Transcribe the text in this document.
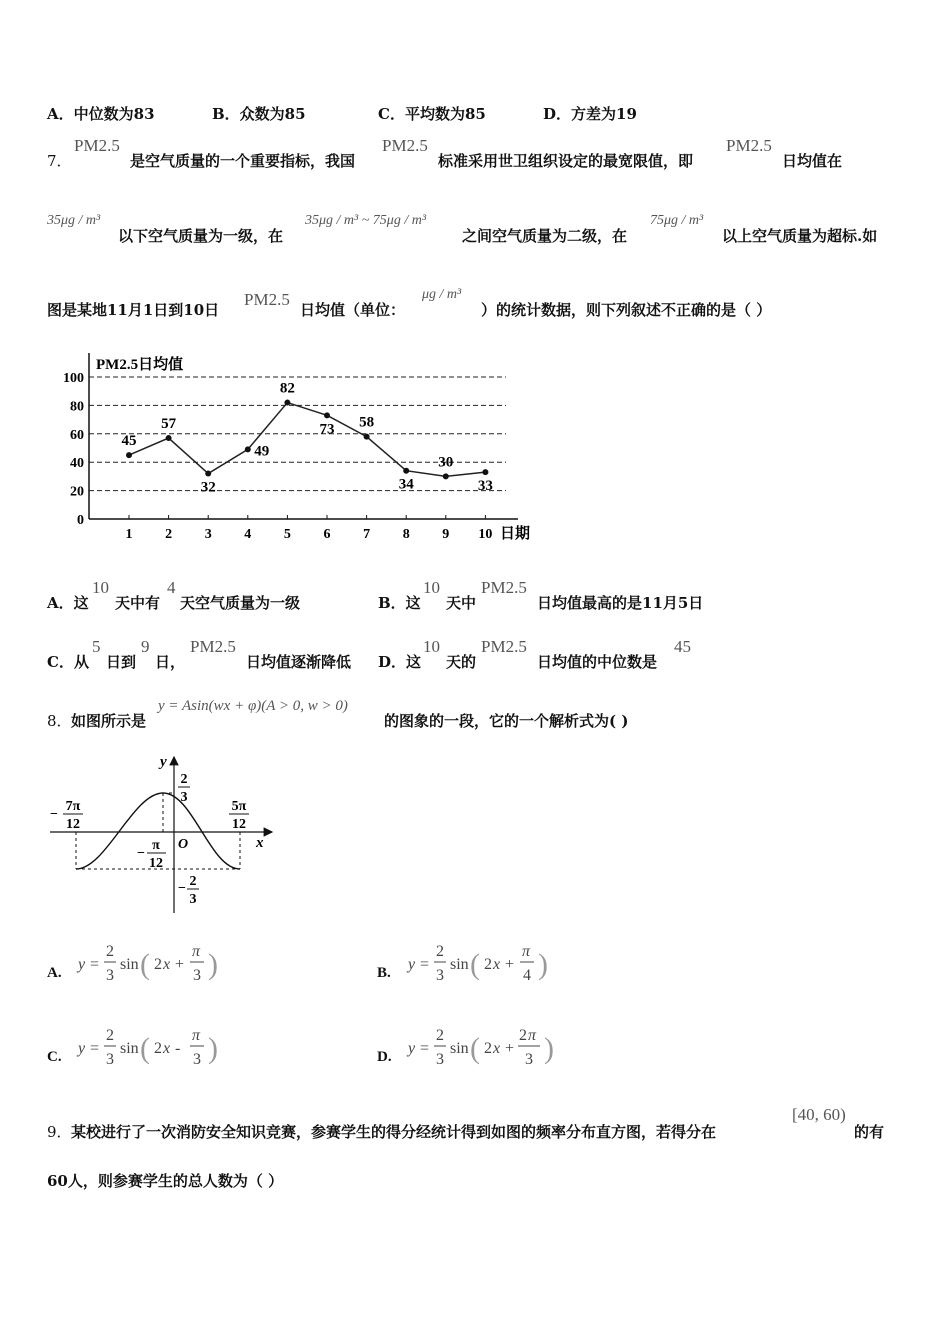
A．中位数为83	B．众数为85	C．平均数为85	D．方差为19
7．
PM2.5
是空气质量的一个重要指标，我国
PM2.5
标准采用世卫组织设定的最宽限值，即
PM2.5
日均值在
35μg / m³
以下空气质量为一级，在
35μg / m³ ~ 75μg / m³
之间空气质量为二级，在
75μg / m³
以上空气质量为超标.如
图是某地11月1日到10日
PM2.5
日均值（单位：
μg / m³
）的统计数据，则下列叙述不正确的是（ ）
PM2.5日均值
日期
0
20
40
60
80
100
1 2 3 4 5 6 7 8 9 10
45
57
32
49
82
73 58
34
30
33
A．这
10
天中有
4
天空气质量为一级	B．这
10
天中
PM2.5
日均值最高的是11月5日
C．从
5
日到
9
日，
PM2.5
日均值逐渐降低 D．这
10
天的
PM2.5
日均值的中位数是
45
8． 如图所示是
y = Asin(wx + φ)(A > 0, w > 0)
的图象的一段，它的一个解析式为( )
y
x
O
2
3
− 2
3
−
7π
12
−
π
12
5π
12
A. y =
2
3
sin ( 2 x +
π
3 )	B. y =
2
3
sin ( 2 x +
π
4 )
C. y =
2
3
sin ( 2 x -
π
3 )	D. y =
2
3
sin ( 2 x +
2 π
3 )
9． 某校进行了一次消防安全知识竞赛，参赛学生的得分经统计得到如图的频率分布直方图，若得分在
[40, 60)
的有
60人，则参赛学生的总人数为（ ）
